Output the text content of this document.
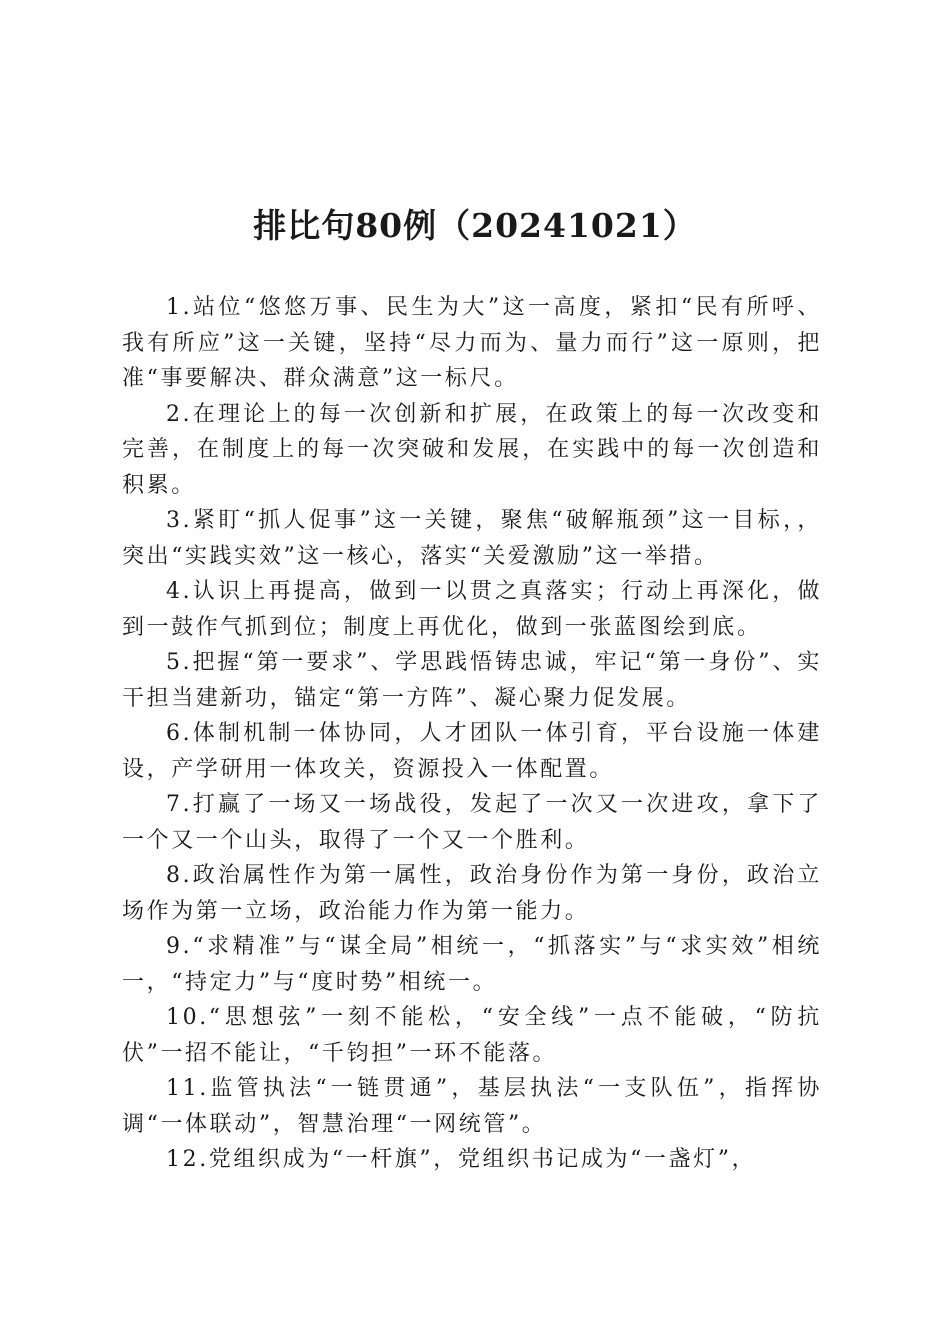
排比句80例（20241021）

1.站位“悠悠万事、民生为大”这一高度，紧扣“民有所呼、我有所应”这一关键，坚持“尽力而为、量力而行”这一原则，把准“事要解决、群众满意”这一标尺。

2.在理论上的每一次创新和扩展，在政策上的每一次改变和完善，在制度上的每一次突破和发展，在实践中的每一次创造和积累。

3.紧盯“抓人促事”这一关键，聚焦“破解瓶颈”这一目标，，突出“实践实效”这一核心，落实“关爱激励”这一举措。

4.认识上再提高，做到一以贯之真落实；行动上再深化，做到一鼓作气抓到位；制度上再优化，做到一张蓝图绘到底。

5.把握“第一要求”、学思践悟铸忠诚，牢记“第一身份”、实干担当建新功，锚定“第一方阵”、凝心聚力促发展。

6.体制机制一体协同，人才团队一体引育，平台设施一体建设，产学研用一体攻关，资源投入一体配置。

7.打赢了一场又一场战役，发起了一次又一次进攻，拿下了一个又一个山头，取得了一个又一个胜利。

8.政治属性作为第一属性，政治身份作为第一身份，政治立场作为第一立场，政治能力作为第一能力。

9.“求精准”与“谋全局”相统一，“抓落实”与“求实效”相统一，“持定力”与“度时势”相统一。

10.“思想弦”一刻不能松，“安全线”一点不能破，“防抗伏”一招不能让，“千钧担”一环不能落。

11.监管执法“一链贯通”，基层执法“一支队伍”，指挥协调“一体联动”，智慧治理“一网统管”。

12.党组织成为“一杆旗”，党组织书记成为“一盏灯”，
